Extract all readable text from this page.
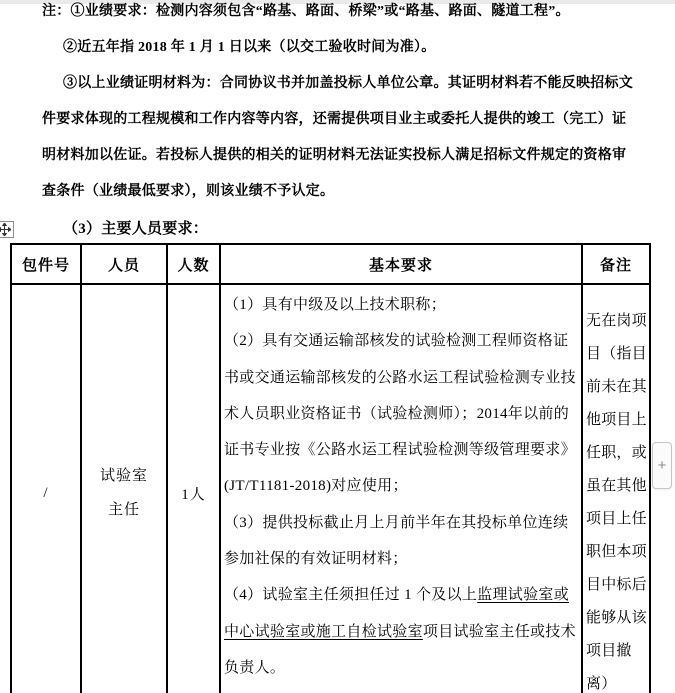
注：①业绩要求：检测内容须包含“路基、路面、桥梁”或“路基、路面、隧道工程”。
②近五年指 2018 年 1 月 1 日以来（以交工验收时间为准）。
③以上业绩证明材料为：合同协议书并加盖投标人单位公章。其证明材料若不能反映招标文
件要求体现的工程规模和工作内容等内容，还需提供项目业主或委托人提供的竣工（完工）证
明材料加以佐证。若投标人提供的相关的证明材料无法证实投标人满足招标文件规定的资格审
查条件（业绩最低要求），则该业绩不予认定。
（3）主要人员要求：
包件号	人员	人数	基本要求	备注
/	试验室主任	1人	（1）具有中级及以上技术职称；

（2）具有交通运输部核发的试验检测工程师资格证书或交通运输部核发的公路水运工程试验检测专业技术人员职业资格证书（试验检测师）；2014年以前的证书专业按《公路水运工程试验检测等级管理要求》(JT/T1181-2018)对应使用；

（3）提供投标截止月上月前半年在其投标单位连续参加社保的有效证明材料；

（4）试验室主任须担任过 1 个及以上监理试验室或中心试验室或施工自检试验室项目试验室主任或技术负责人。	无在岗项目（指目前未在其他项目上任职，或虽在其他项目上任职但本项目中标后能够从该项目撤离）
+
